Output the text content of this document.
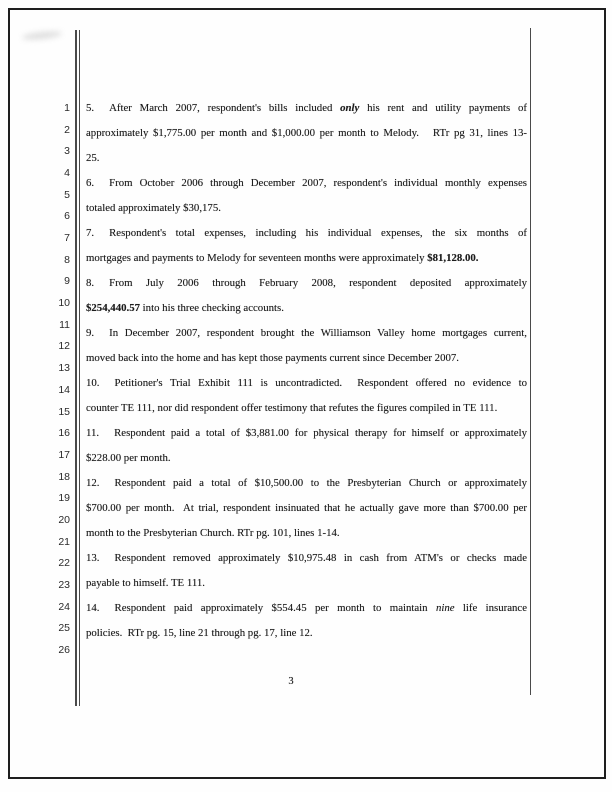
1
2
3
4
5
6
7
8
9
10
11
12
13
14
15
16
17
18
19
20
21
22
23
24
25
26
5. After March 2007, respondent's bills included only his rent and utility payments of
approximately $1,775.00 per month and $1,000.00 per month to Melody.   RTr pg 31, lines 13-
25.
6. From October 2006 through December 2007, respondent's individual monthly expenses
totaled approximately $30,175.
7. Respondent's total expenses, including his individual expenses, the six months of
mortgages and payments to Melody for seventeen months were approximately $81,128.00.
8. From July 2006 through February 2008, respondent deposited approximately
$254,440.57 into his three checking accounts.
9. In December 2007, respondent brought the Williamson Valley home mortgages current,
moved back into the home and has kept those payments current since December 2007.
10. Petitioner's Trial Exhibit 111 is uncontradicted.  Respondent offered no evidence to
counter TE 111, nor did respondent offer testimony that refutes the figures compiled in TE 111.
11. Respondent paid a total of $3,881.00 for physical therapy for himself or approximately
$228.00 per month.
12. Respondent paid a total of $10,500.00 to the Presbyterian Church or approximately
$700.00 per month.  At trial, respondent insinuated that he actually gave more than $700.00 per
month to the Presbyterian Church. RTr pg. 101, lines 1-14.
13. Respondent removed approximately $10,975.48 in cash from ATM's or checks made
payable to himself. TE 111.
14. Respondent paid approximately $554.45 per month to maintain nine life insurance
policies.  RTr pg. 15, line 21 through pg. 17, line 12.
3
